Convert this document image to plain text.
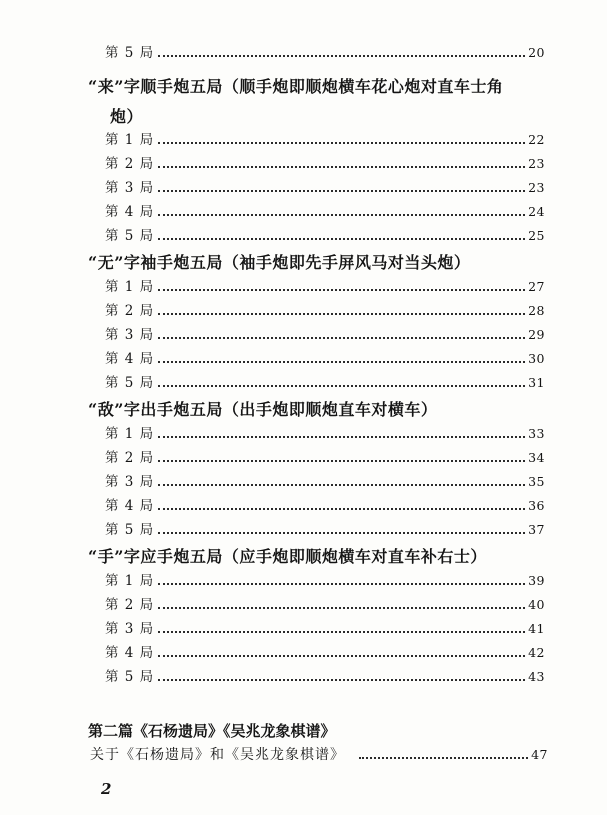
第 5 局	20
“来”字顺手炮五局（顺手炮即顺炮横车花心炮对直车士角
炮）
第 1 局	22
第 2 局	23
第 3 局	23
第 4 局	24
第 5 局	25
“无”字袖手炮五局（袖手炮即先手屏风马对当头炮）
第 1 局	27
第 2 局	28
第 3 局	29
第 4 局	30
第 5 局	31
“敌”字出手炮五局（出手炮即顺炮直车对横车）
第 1 局	33
第 2 局	34
第 3 局	35
第 4 局	36
第 5 局	37
“手”字应手炮五局（应手炮即顺炮横车对直车补右士）
第 1 局	39
第 2 局	40
第 3 局	41
第 4 局	42
第 5 局	43
第二篇《石杨遗局》《吴兆龙象棋谱》
关于《石杨遗局》和《吴兆龙象棋谱》	47
2
